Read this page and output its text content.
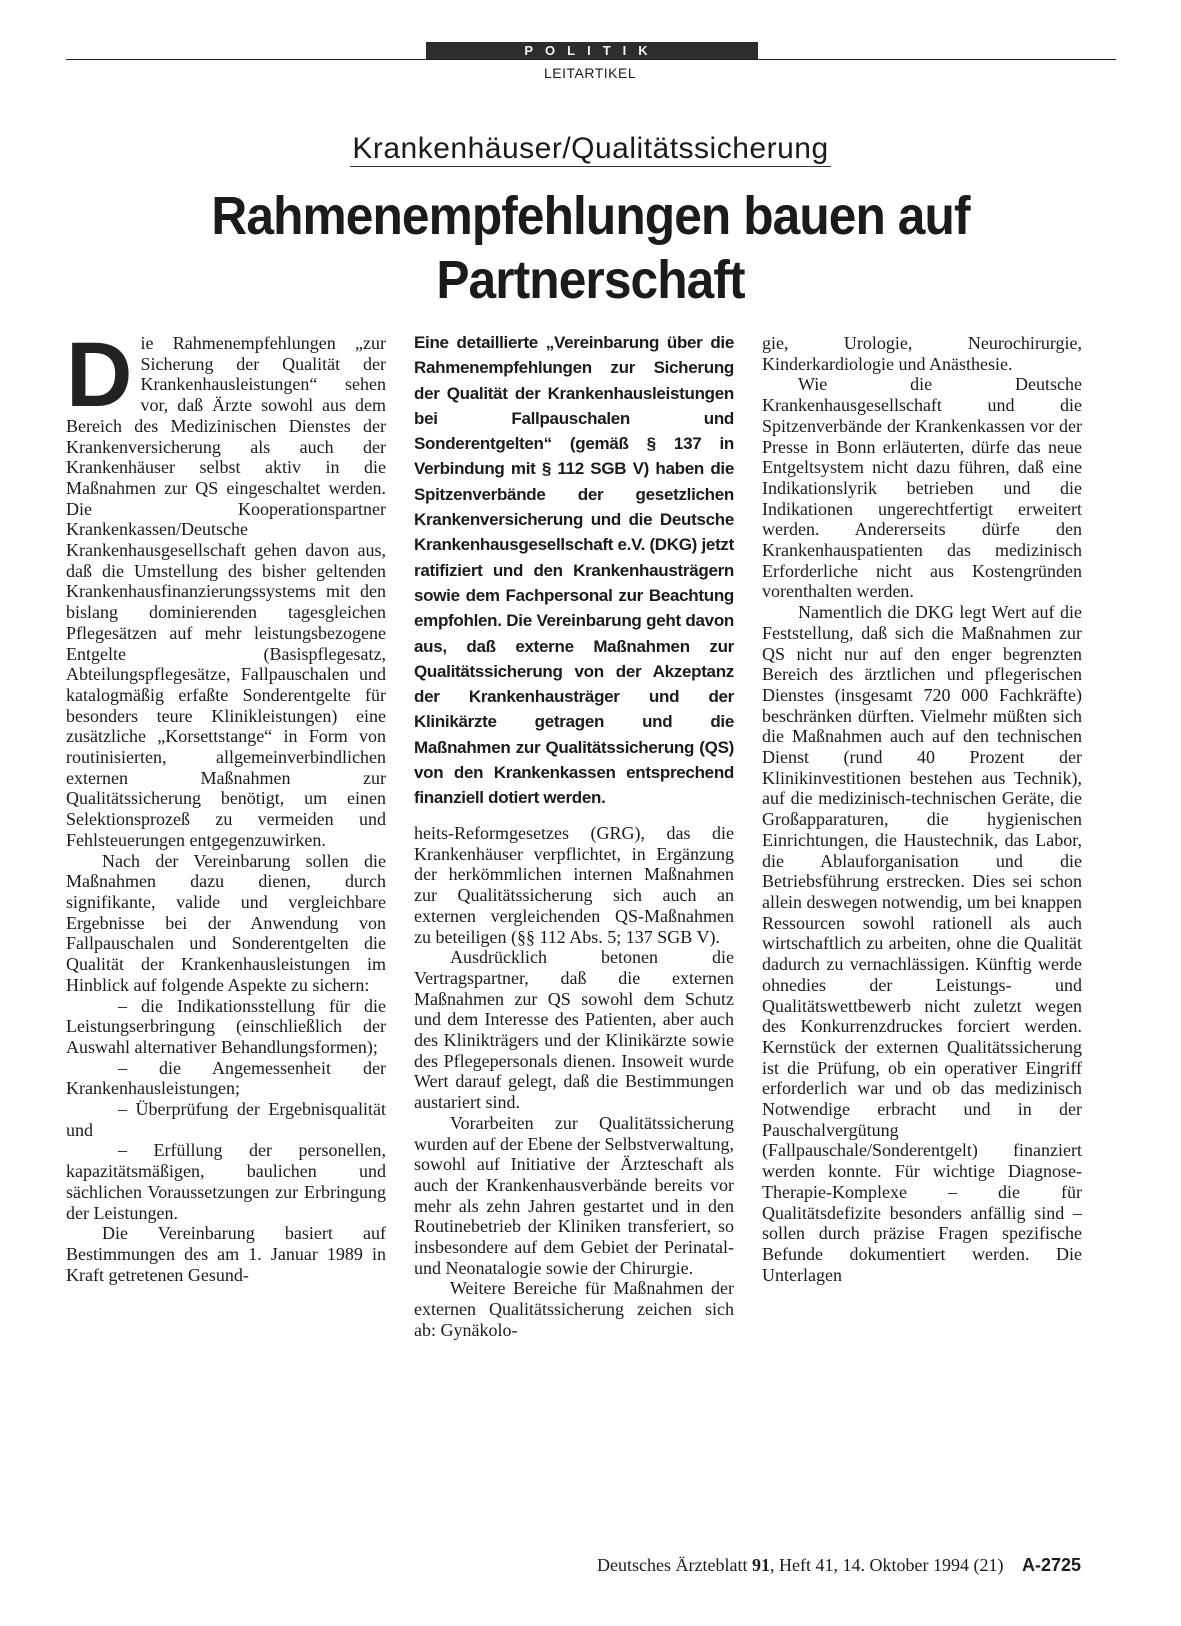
POLITIK
LEITARTIKEL
Krankenhäuser/Qualitätssicherung
Rahmenempfehlungen bauen auf
Partnerschaft
D ie Rahmenempfehlungen „zur Sicherung der Qualität der Krankenhausleistungen“ sehen vor, daß Ärzte sowohl aus dem Bereich des Medizinischen Dienstes der Krankenversicherung als auch der Krankenhäuser selbst aktiv in die Maßnahmen zur QS eingeschaltet werden. Die Kooperationspartner Krankenkassen/Deutsche Krankenhausgesellschaft gehen davon aus, daß die Umstellung des bisher geltenden Krankenhausfinanzierungssystems mit den bislang dominierenden tagesgleichen Pflegesätzen auf mehr leistungsbezogene Entgelte (Basispflegesatz, Abteilungspflegesätze, Fallpauschalen und katalogmäßig erfaßte Sonderentgelte für besonders teure Klinikleistungen) eine zusätzliche „Korsettstange“ in Form von routinisierten, allgemeinverbindlichen externen Maßnahmen zur Qualitätssicherung benötigt, um einen Selektionsprozeß zu vermeiden und Fehlsteuerungen entgegenzuwirken.

Nach der Vereinbarung sollen die Maßnahmen dazu dienen, durch signifikante, valide und vergleichbare Ergebnisse bei der Anwendung von Fallpauschalen und Sonderentgelten die Qualität der Krankenhausleistungen im Hinblick auf folgende Aspekte zu sichern:

– die Indikationsstellung für die Leistungserbringung (einschließlich der Auswahl alternativer Behandlungsformen);

– die Angemessenheit der Krankenhausleistungen;

– Überprüfung der Ergebnisqualität und

– Erfüllung der personellen, kapazitätsmäßigen, baulichen und sächlichen Voraussetzungen zur Erbringung der Leistungen.

Die Vereinbarung basiert auf Bestimmungen des am 1. Januar 1989 in Kraft getretenen Gesund-

Eine detaillierte „Vereinbarung über die Rahmenempfehlungen zur Sicherung der Qualität der Krankenhausleistungen bei Fallpauschalen und Sonderentgelten“ (gemäß § 137 in Verbindung mit § 112 SGB V) haben die Spitzenverbände der gesetzlichen Krankenversicherung und die Deutsche Krankenhausgesellschaft e.V. (DKG) jetzt ratifiziert und den Krankenhausträgern sowie dem Fachpersonal zur Beachtung empfohlen. Die Vereinbarung geht davon aus, daß externe Maßnahmen zur Qualitätssicherung von der Akzeptanz der Krankenhausträger und der Klinikärzte getragen und die Maßnahmen zur Qualitätssicherung (QS) von den Krankenkassen entsprechend finanziell dotiert werden.

heits-Reformgesetzes (GRG), das die Krankenhäuser verpflichtet, in Ergänzung der herkömmlichen internen Maßnahmen zur Qualitätssicherung sich auch an externen vergleichenden QS-Maßnahmen zu beteiligen (§§ 112 Abs. 5; 137 SGB V).

Ausdrücklich betonen die Vertragspartner, daß die externen Maßnahmen zur QS sowohl dem Schutz und dem Interesse des Patienten, aber auch des Klinikträgers und der Klinikärzte sowie des Pflegepersonals dienen. Insoweit wurde Wert darauf gelegt, daß die Bestimmungen austariert sind.

Vorarbeiten zur Qualitätssicherung wurden auf der Ebene der Selbstverwaltung, sowohl auf Initiative der Ärzteschaft als auch der Krankenhausverbände bereits vor mehr als zehn Jahren gestartet und in den Routinebetrieb der Kliniken transferiert, so insbesondere auf dem Gebiet der Perinatal- und Neonatalogie sowie der Chirurgie.

Weitere Bereiche für Maßnahmen der externen Qualitätssicherung zeichen sich ab: Gynäkolo-

gie, Urologie, Neurochirurgie, Kinderkardiologie und Anästhesie.

Wie die Deutsche Krankenhausgesellschaft und die Spitzenverbände der Krankenkassen vor der Presse in Bonn erläuterten, dürfe das neue Entgeltsystem nicht dazu führen, daß eine Indikationslyrik betrieben und die Indikationen ungerechtfertigt erweitert werden. Andererseits dürfe den Krankenhauspatienten das medizinisch Erforderliche nicht aus Kostengründen vorenthalten werden.

Namentlich die DKG legt Wert auf die Feststellung, daß sich die Maßnahmen zur QS nicht nur auf den enger begrenzten Bereich des ärztlichen und pflegerischen Dienstes (insgesamt 720 000 Fachkräfte) beschränken dürften. Vielmehr müßten sich die Maßnahmen auch auf den technischen Dienst (rund 40 Prozent der Klinikinvestitionen bestehen aus Technik), auf die medizinisch-technischen Geräte, die Großapparaturen, die hygienischen Einrichtungen, die Haustechnik, das Labor, die Ablauforganisation und die Betriebsführung erstrecken. Dies sei schon allein deswegen notwendig, um bei knappen Ressourcen sowohl rationell als auch wirtschaftlich zu arbeiten, ohne die Qualität dadurch zu vernachlässigen. Künftig werde ohnedies der Leistungs- und Qualitätswettbewerb nicht zuletzt wegen des Konkurrenzdruckes forciert werden. Kernstück der externen Qualitätssicherung ist die Prüfung, ob ein operativer Eingriff erforderlich war und ob das medizinisch Notwendige erbracht und in der Pauschalvergütung (Fallpauschale/Sonderentgelt) finanziert werden konnte. Für wichtige Diagnose-Therapie-Komplexe – die für Qualitätsdefizite besonders anfällig sind – sollen durch präzise Fragen spezifische Befunde dokumentiert werden. Die Unterlagen

Deutsches Ärzteblatt 91, Heft 41, 14. Oktober 1994 (21) A-2725
